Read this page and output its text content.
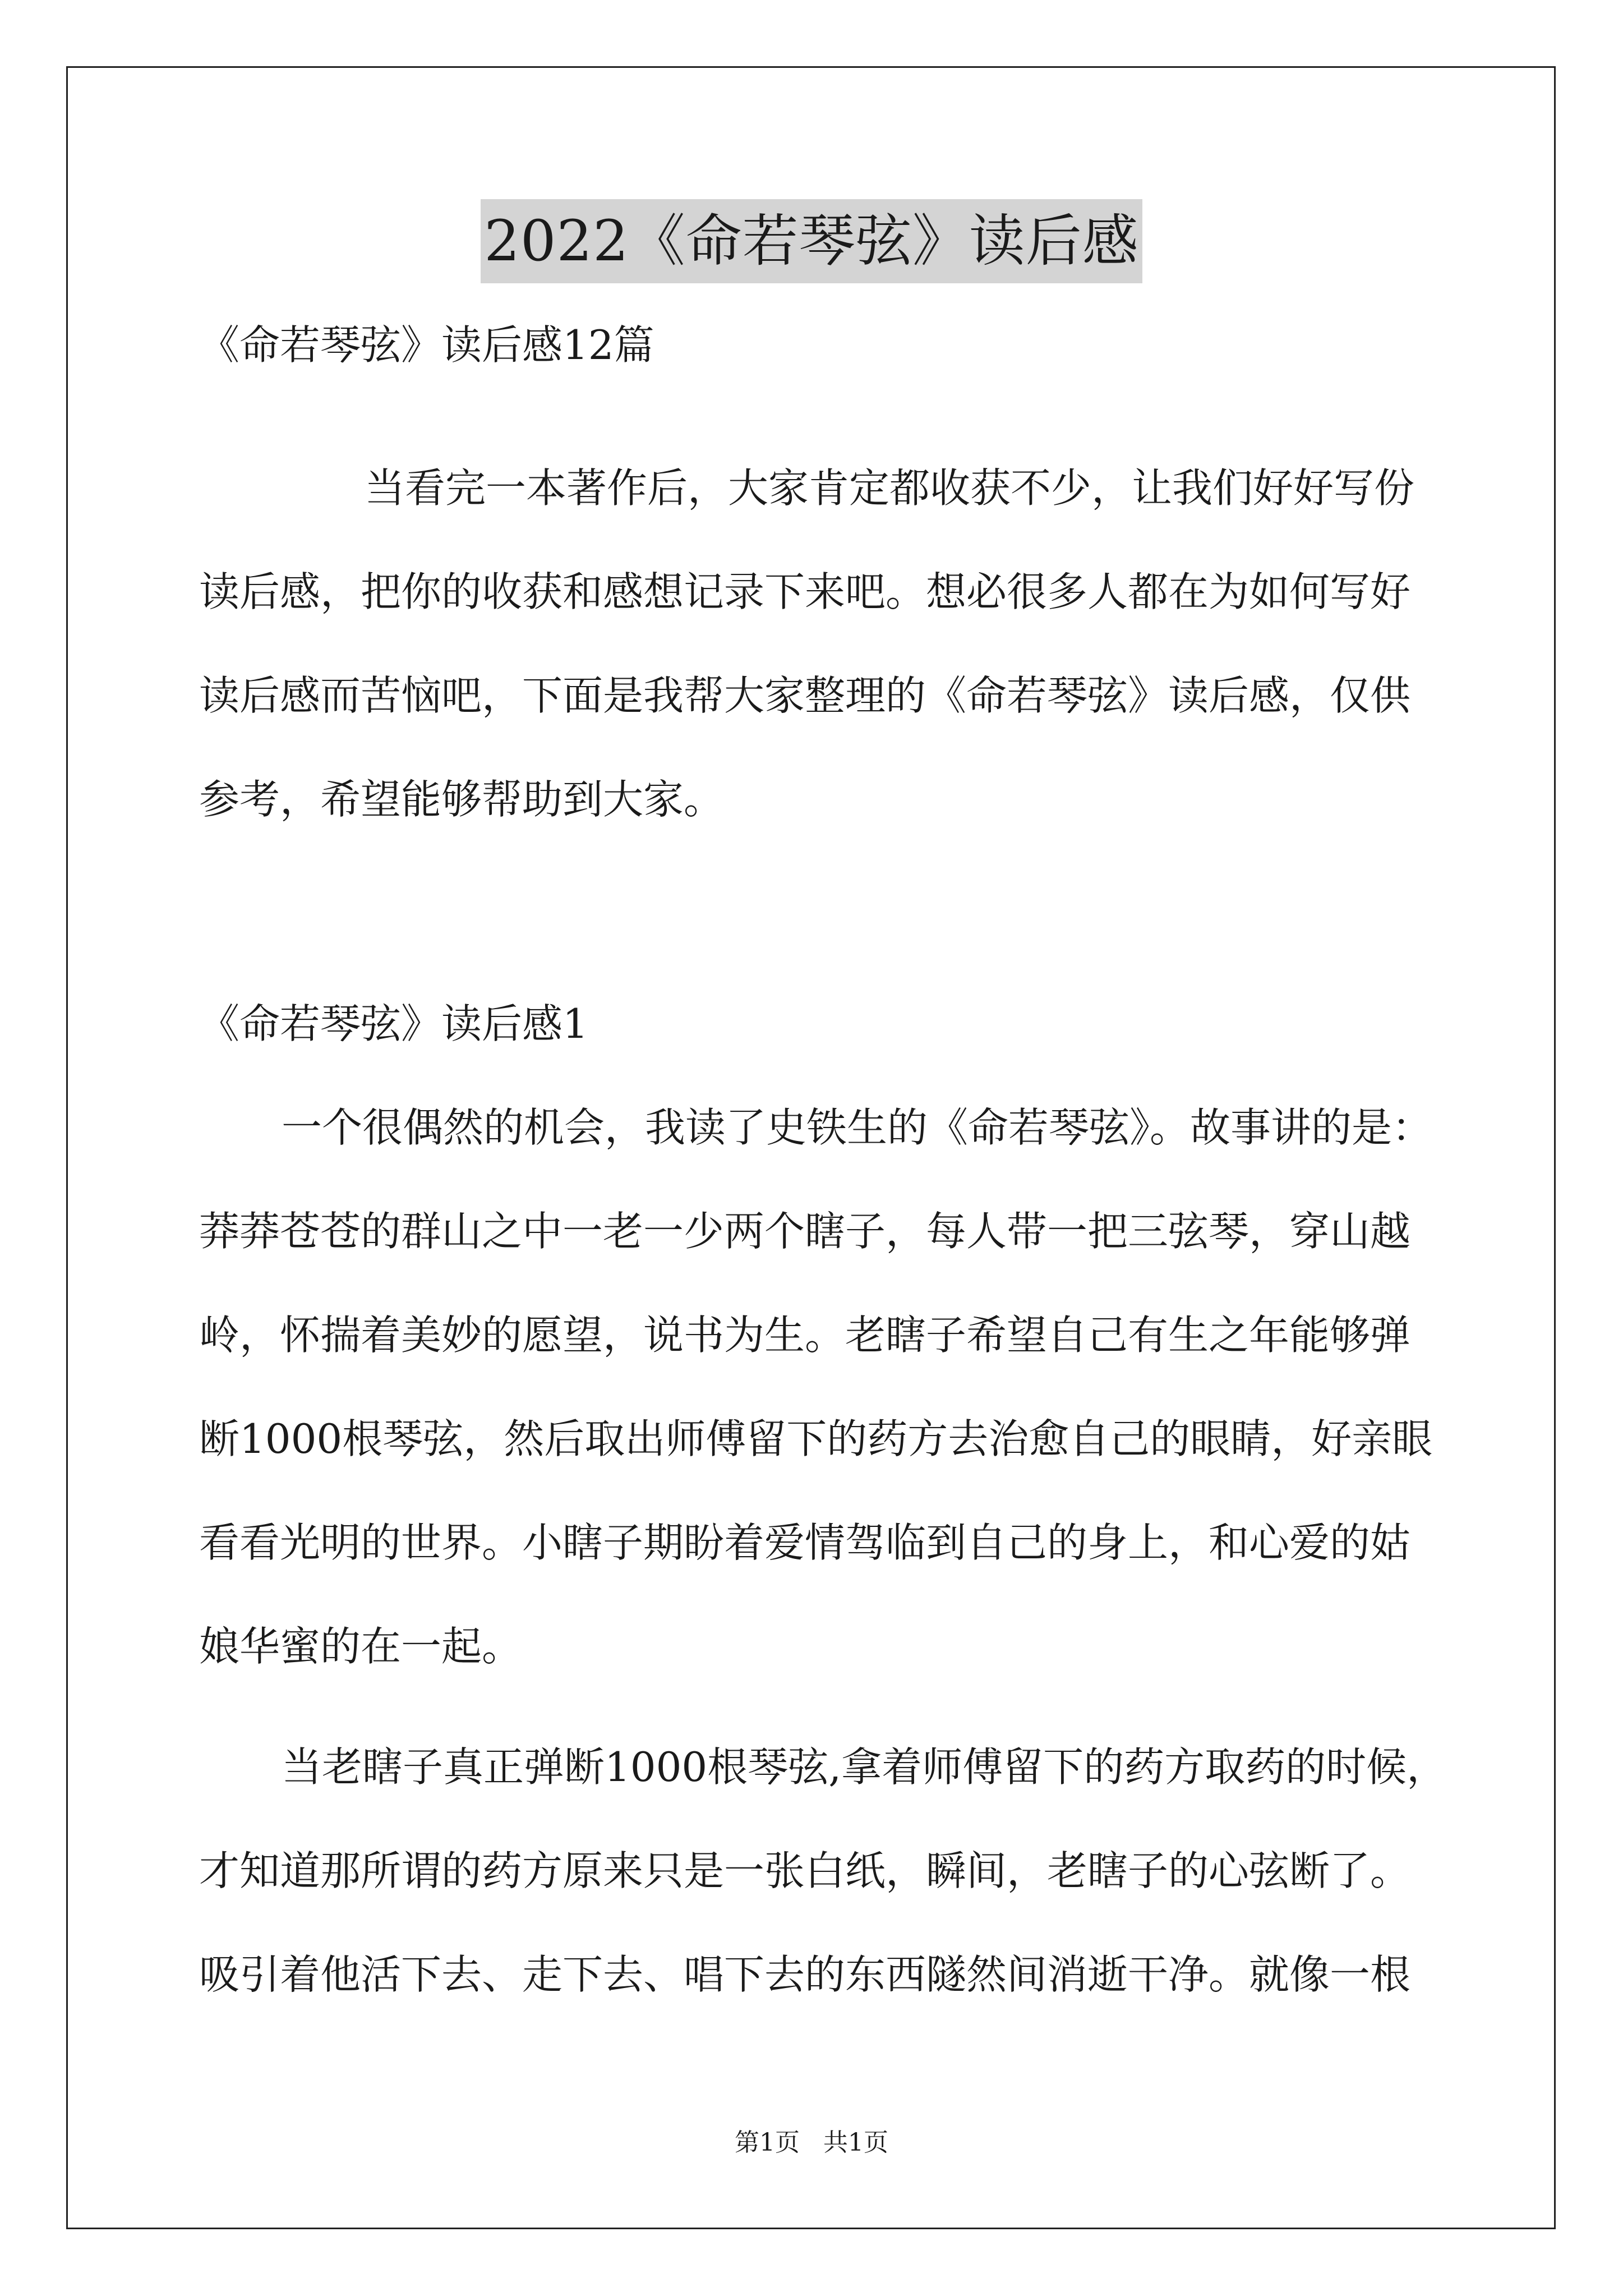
2022《命若琴弦》读后感
《命若琴弦》读后感12篇
当看完一本著作后，大家肯定都收获不少，让我们好好写份
读后感，把你的收获和感想记录下来吧。想必很多人都在为如何写好
读后感而苦恼吧，下面是我帮大家整理的《命若琴弦》读后感，仅供
参考，希望能够帮助到大家。
《命若琴弦》读后感1
一个很偶然的机会，我读了史铁生的《命若琴弦》。故事讲的是：
莽莽苍苍的群山之中一老一少两个瞎子，每人带一把三弦琴，穿山越
岭，怀揣着美妙的愿望，说书为生。老瞎子希望自己有生之年能够弹
断1000根琴弦，然后取出师傅留下的药方去治愈自己的眼睛，好亲眼
看看光明的世界。小瞎子期盼着爱情驾临到自己的身上，和心爱的姑
娘华蜜的在一起。
当老瞎子真正弹断1000根琴弦,拿着师傅留下的药方取药的时候，
才知道那所谓的药方原来只是一张白纸，瞬间，老瞎子的心弦断了。
吸引着他活下去、走下去、唱下去的东西隧然间消逝干净。就像一根
第1页 共1页
